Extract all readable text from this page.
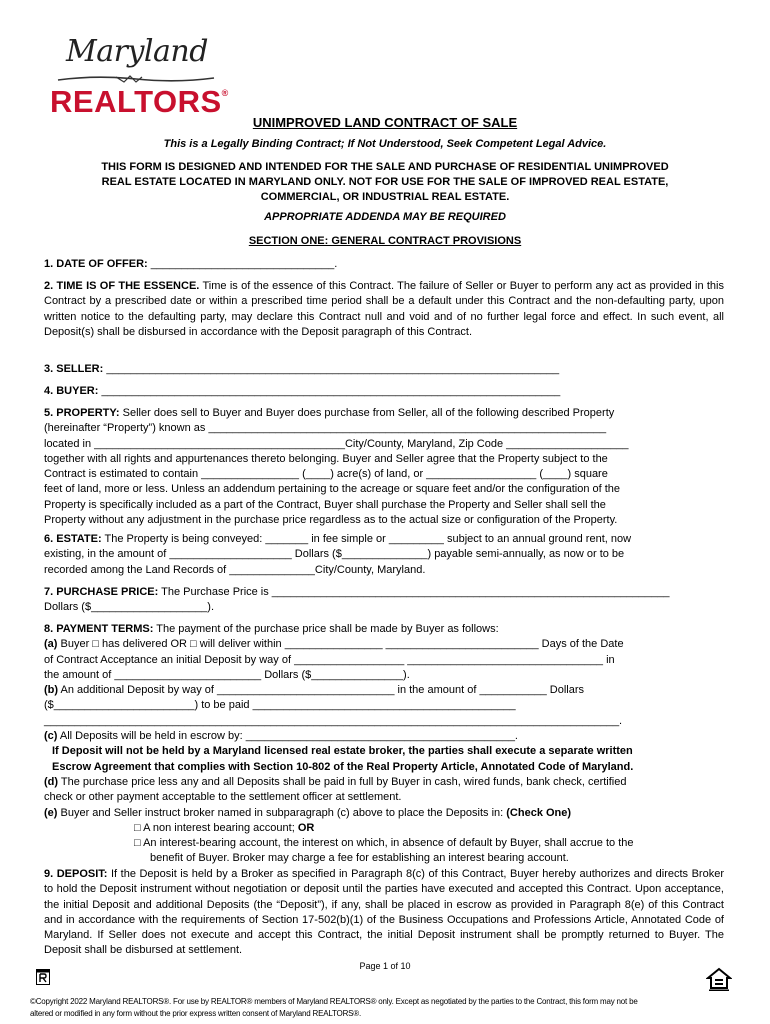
Maryland
REALTORS®
UNIMPROVED LAND CONTRACT OF SALE
This is a Legally Binding Contract; If Not Understood, Seek Competent Legal Advice.
THIS FORM IS DESIGNED AND INTENDED FOR THE SALE AND PURCHASE OF RESIDENTIAL UNIMPROVED
REAL ESTATE LOCATED IN MARYLAND ONLY. NOT FOR USE FOR THE SALE OF IMPROVED REAL ESTATE,
COMMERCIAL, OR INDUSTRIAL REAL ESTATE.
APPROPRIATE ADDENDA MAY BE REQUIRED
SECTION ONE: GENERAL CONTRACT PROVISIONS

1. DATE OF OFFER: ______________________________.

2. TIME IS OF THE ESSENCE. Time is of the essence of this Contract. The failure of Seller or Buyer to perform any act as provided in this Contract by a prescribed date or within a prescribed time period shall be a default under this Contract and the non-defaulting party, upon written notice to the defaulting party, may declare this Contract null and void and of no further legal force and effect. In such event, all Deposit(s) shall be disbursed in accordance with the Deposit paragraph of this Contract.

3. SELLER: __________________________________________________________________________

4. BUYER: ___________________________________________________________________________

5. PROPERTY: Seller does sell to Buyer and Buyer does purchase from Seller, all of the following described Property

(hereinafter “Property”) known as _________________________________________________________________

located in _________________________________________City/County, Maryland, Zip Code ____________________

together with all rights and appurtenances thereto belonging. Buyer and Seller agree that the Property subject to the

Contract is estimated to contain ________________ (____) acre(s) of land, or __________________ (____) square

feet of land, more or less. Unless an addendum pertaining to the acreage or square feet and/or the configuration of the

Property is specifically included as a part of the Contract, Buyer shall purchase the Property and Seller shall sell the

Property without any adjustment in the purchase price regardless as to the actual size or configuration of the Property.

6. ESTATE: The Property is being conveyed: _______ in fee simple or _________ subject to an annual ground rent, now

existing, in the amount of ____________________ Dollars ($______________) payable semi-annually, as now or to be

recorded among the Land Records of ______________City/County, Maryland.

7. PURCHASE PRICE: The Purchase Price is _________________________________________________________________

Dollars ($___________________).

8. PAYMENT TERMS: The payment of the purchase price shall be made by Buyer as follows:

(a) Buyer □ has delivered OR □ will deliver within ________________ _________________________ Days of the Date

of Contract Acceptance an initial Deposit by way of __________________ ________________________________ in

the amount of ________________________ Dollars ($_______________).

(b) An additional Deposit by way of _____________________________ in the amount of ___________ Dollars

($_______________________) to be paid ___________________________________________

______________________________________________________________________________________________.

(c) All Deposits will be held in escrow by: ____________________________________________.

If Deposit will not be held by a Maryland licensed real estate broker, the parties shall execute a separate written

Escrow Agreement that complies with Section 10-802 of the Real Property Article, Annotated Code of Maryland.

(d) The purchase price less any and all Deposits shall be paid in full by Buyer in cash, wired funds, bank check, certified

check or other payment acceptable to the settlement officer at settlement.

(e) Buyer and Seller instruct broker named in subparagraph (c) above to place the Deposits in: (Check One)

□ A non interest bearing account; OR

□ An interest-bearing account, the interest on which, in absence of default by Buyer, shall accrue to the

benefit of Buyer. Broker may charge a fee for establishing an interest bearing account.

9. DEPOSIT: If the Deposit is held by a Broker as specified in Paragraph 8(c) of this Contract, Buyer hereby authorizes and directs Broker to hold the Deposit instrument without negotiation or deposit until the parties have executed and accepted this Contract. Upon acceptance, the initial Deposit and additional Deposits (the “Deposit”), if any, shall be placed in escrow as provided in Paragraph 8(e) of this Contract and in accordance with the requirements of Section 17-502(b)(1) of the Business Occupations and Professions Article, Annotated Code of Maryland. If Seller does not execute and accept this Contract, the initial Deposit instrument shall be promptly returned to Buyer. The Deposit shall be disbursed at settlement.

Page 1 of 10
©Copyright 2022 Maryland REALTORS®. For use by REALTOR® members of Maryland REALTORS® only. Except as negotiated by the parties to the Contract, this form may not be
altered or modified in any form without the prior express written consent of Maryland REALTORS®.
